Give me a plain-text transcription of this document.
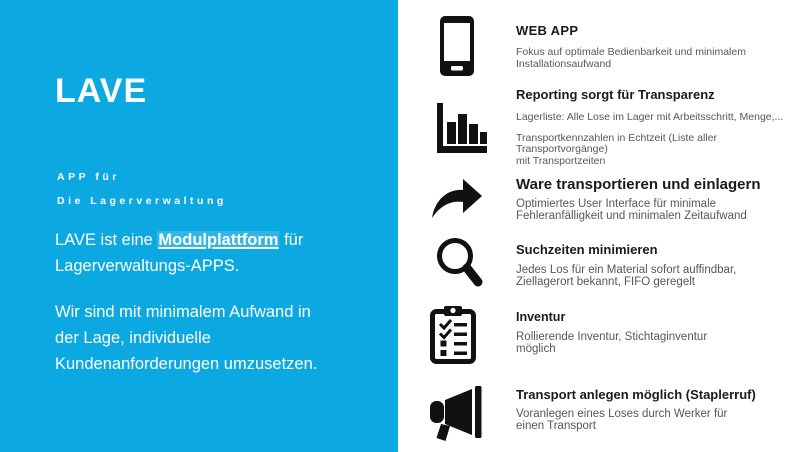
LAVE
APP für
Die Lagerverwaltung

LAVE ist eine Modulplattform für
Lagerverwaltungs-APPS.

Wir sind mit minimalem Aufwand in
der Lage, individuelle
Kundenanforderungen umzusetzen.

WEB APP
Fokus auf optimale Bedienbarkeit und minimalem
Installationsaufwand
Reporting sorgt für Transparenz
Lagerliste: Alle Lose im Lager mit Arbeitsschritt, Menge,...
Transportkennzahlen in Echtzeit (Liste aller Transportvorgänge)
mit Transportzeiten
Ware transportieren und einlagern
Optimiertes User Interface für minimale
Fehleranfälligkeit und minimalen Zeitaufwand
Suchzeiten minimieren
Jedes Los für ein Material sofort auffindbar,
Ziellagerort bekannt, FIFO geregelt
Inventur
Rollierende Inventur, Stichtaginventur
möglich
Transport anlegen möglich (Staplerruf)
Voranlegen eines Loses durch Werker für
einen Transport
